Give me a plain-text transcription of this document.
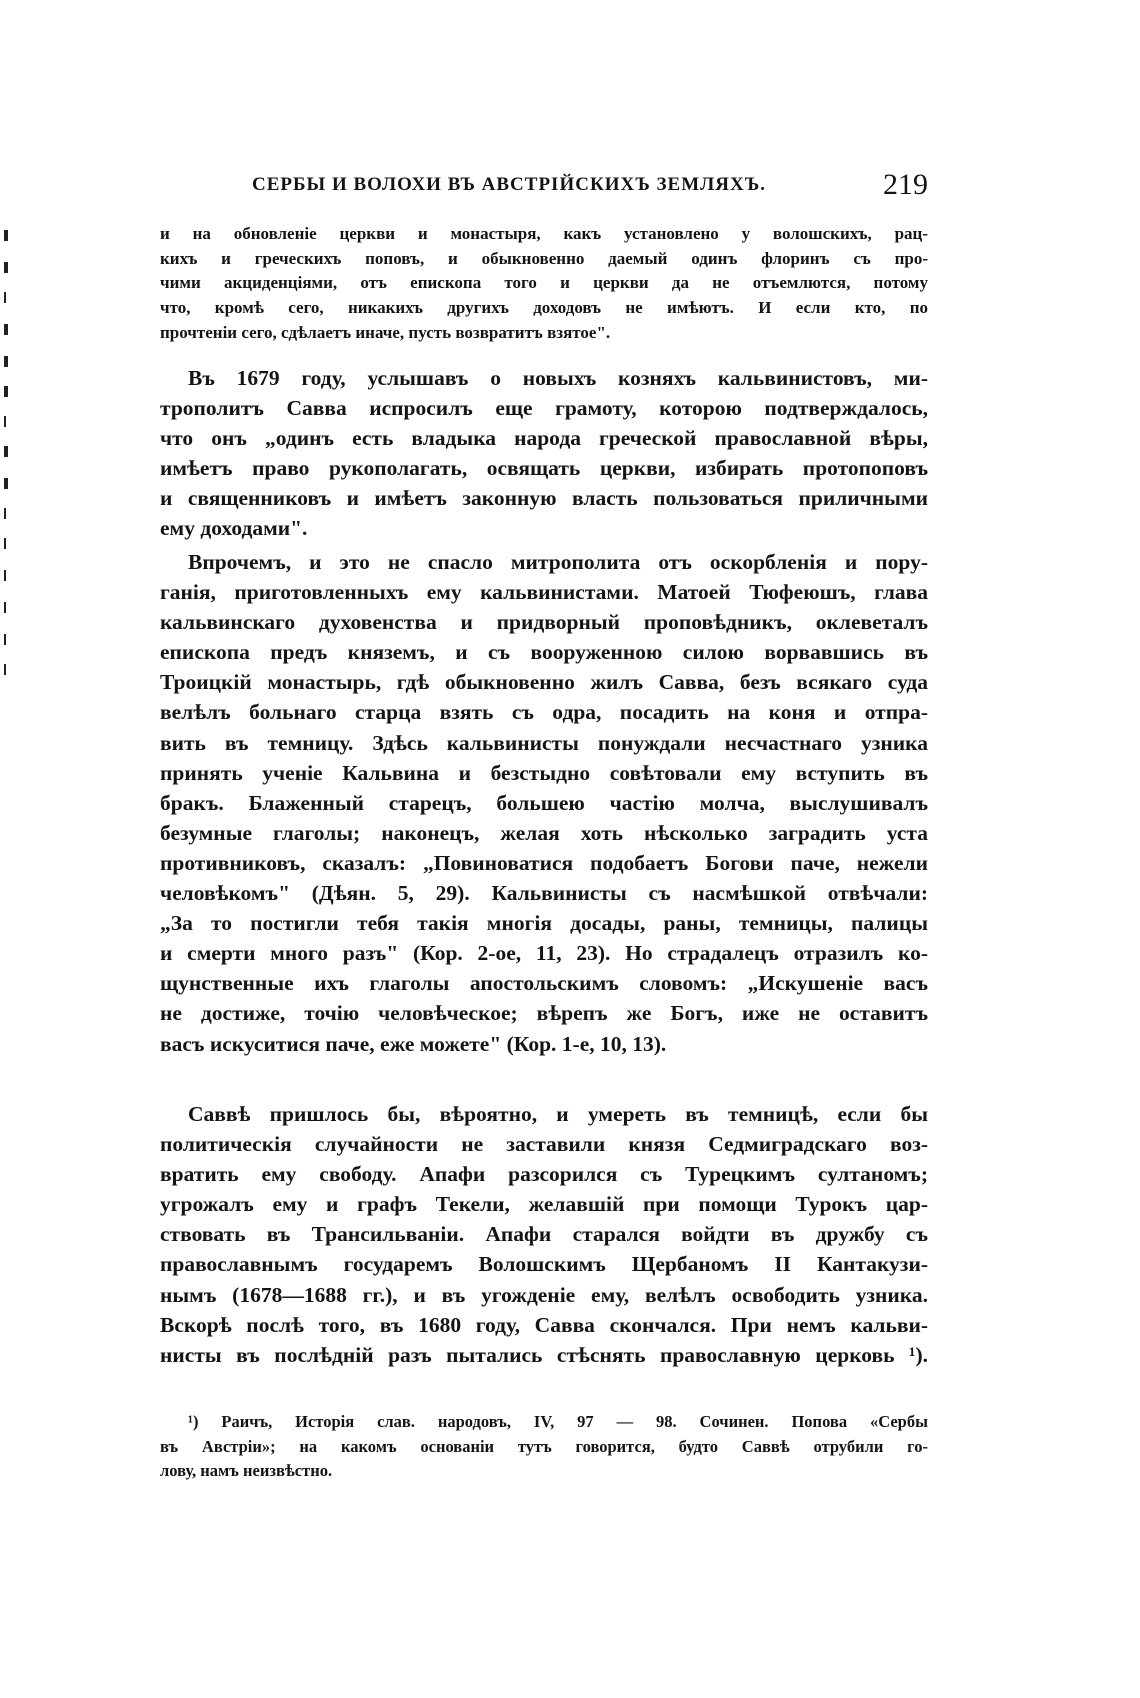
СЕРБЫ И ВОЛОХИ ВЪ АВСТРІЙСКИХЪ ЗЕМЛЯХЪ.	219
и на обновленіе церкви и монастыря, какъ установлено у волошскихъ, рац-
кихъ и греческихъ поповъ, и обыкновенно даемый одинъ флоринъ съ про-
чими акциденціями, отъ епископа того и церкви да не отъемлются, потому
что, кромѣ сего, никакихъ другихъ доходовъ не имѣютъ. И если кто, по
прочтеніи сего, сдѣлаетъ иначе, пусть возвратитъ взятое".
Въ 1679 году, услышавъ о новыхъ козняхъ кальвинистовъ, ми-
трополитъ Савва испросилъ еще грамоту, которою подтверждалось,
что онъ „одинъ есть владыка народа греческой православной вѣры,
имѣетъ право рукополагать, освящать церкви, избирать протопоповъ
и священниковъ и имѣетъ законную власть пользоваться приличными
ему доходами".
Впрочемъ, и это не спасло митрополита отъ оскорбленія и пору-
ганія, приготовленныхъ ему кальвинистами. Матоей Тюфеюшъ, глава
кальвинскаго духовенства и придворный проповѣдникъ, оклеветалъ
епископа предъ княземъ, и съ вооруженною силою ворвавшись въ
Троицкій монастырь, гдѣ обыкновенно жилъ Савва, безъ всякаго суда
велѣлъ больнаго старца взять съ одра, посадить на коня и отпра-
вить въ темницу. Здѣсь кальвинисты понуждали несчастнаго узника
принять ученіе Кальвина и безстыдно совѣтовали ему вступить въ
бракъ. Блаженный старецъ, большею частію молча, выслушивалъ
безумные глаголы; наконецъ, желая хоть нѣсколько заградить уста
противниковъ, сказалъ: „Повиноватися подобаетъ Богови паче, нежели
человѣкомъ" (Дѣян. 5, 29). Кальвинисты съ насмѣшкой отвѣчали:
„За то постигли тебя такія многія досады, раны, темницы, палицы
и смерти много разъ" (Кор. 2-ое, 11, 23). Но страдалецъ отразилъ ко-
щунственные ихъ глаголы апостольскимъ словомъ: „Искушеніе васъ
не достиже, точію человѣческое; вѣрепъ же Богъ, иже не оставитъ
васъ искуситися паче, еже можете" (Кор. 1-е, 10, 13).
Саввѣ пришлось бы, вѣроятно, и умереть въ темницѣ, если бы
политическія случайности не заставили князя Седмиградскаго воз-
вратить ему свободу. Апафи разсорился съ Турецкимъ султаномъ;
угрожалъ ему и графъ Текели, желавшій при помощи Турокъ цар-
ствовать въ Трансильваніи. Апафи старался войдти въ дружбу съ
православнымъ государемъ Волошскимъ Щербаномъ II Кантакузи-
нымъ (1678—1688 гг.), и въ угожденіе ему, велѣлъ освободить узника.
Вскорѣ послѣ того, въ 1680 году, Савва скончался. При немъ кальви-
нисты въ послѣдній разъ пытались стѣснять православную церковь ¹).
¹) Раичъ, Исторія слав. народовъ, IV, 97 — 98. Сочинен. Попова «Сербы
въ Австріи»; на какомъ основаніи тутъ говорится, будто Саввѣ отрубили го-
лову, намъ неизвѣстно.
